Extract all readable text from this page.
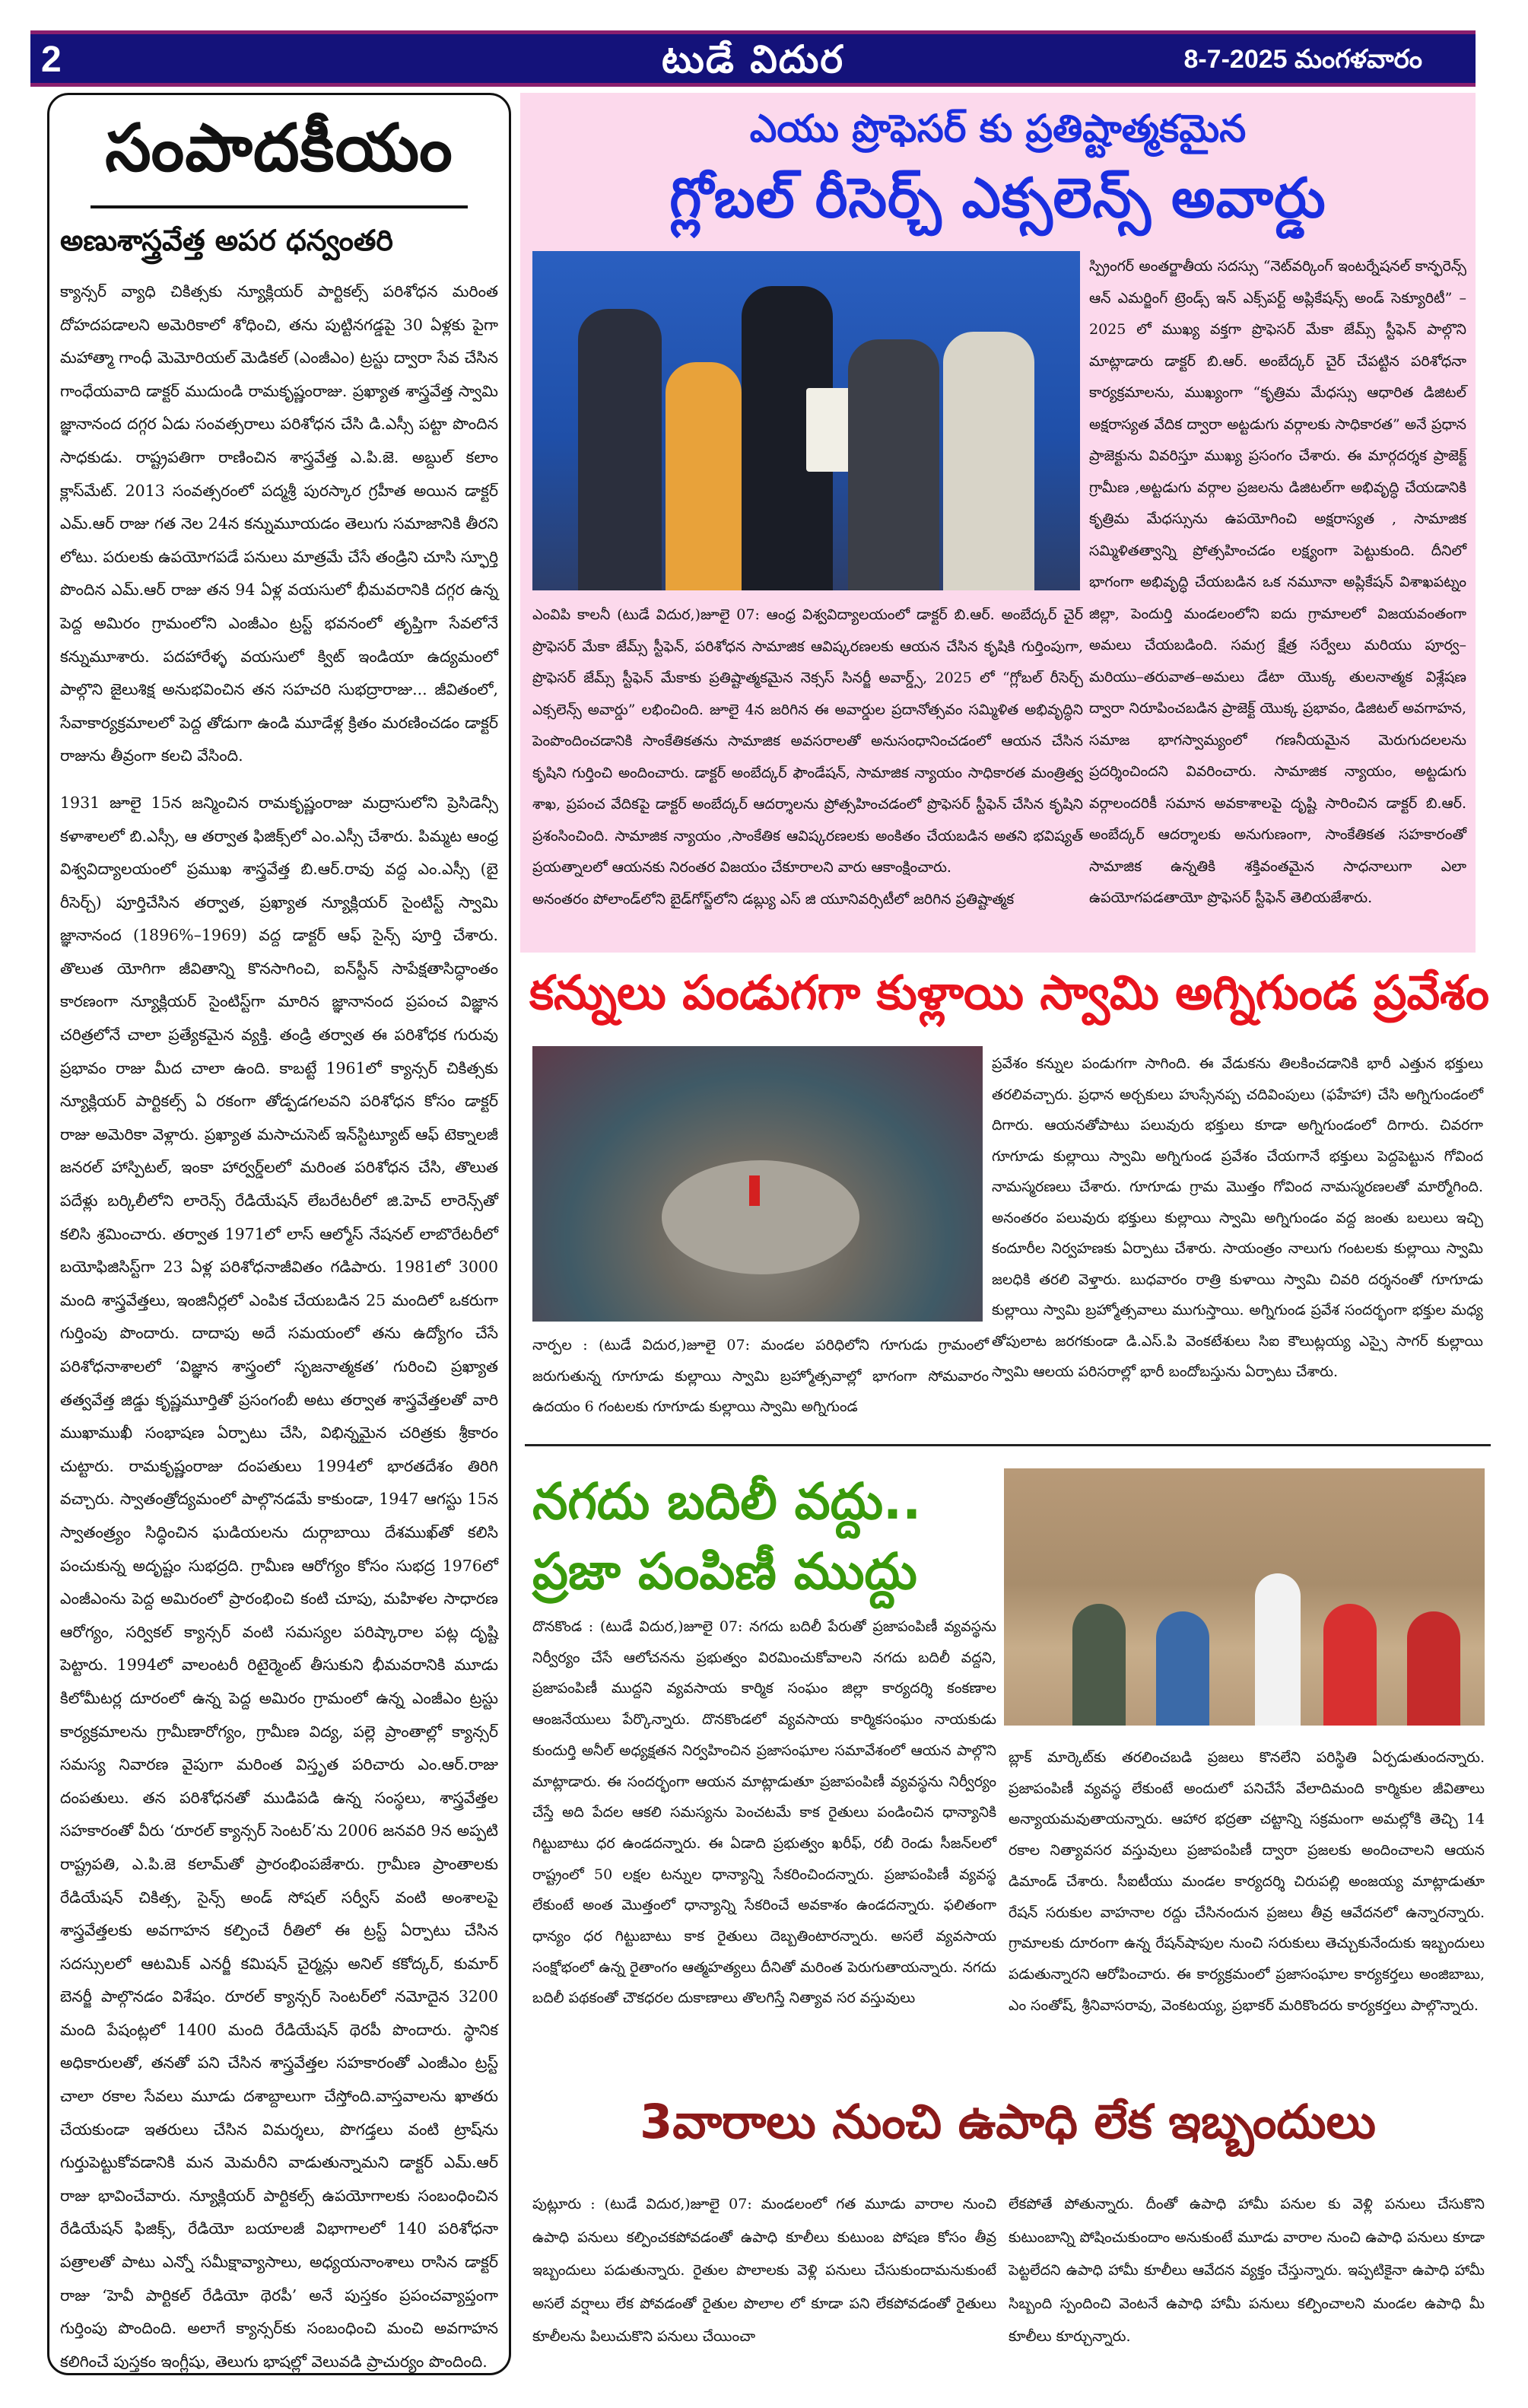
2	టుడే విదుర	8-7-2025 మంగళవారం
సంపాదకీయం
అణుశాస్త్రవేత్త అపర ధన్వంతరి

క్యాన్సర్ వ్యాధి చికిత్సకు న్యూక్లియర్ పార్టికల్స్ పరిశోధన మరింత దోహదపడాలని అమెరికాలో శోధించి, తను పుట్టినగడ్డపై 30 ఏళ్లకు పైగా మహాత్మా గాంధీ మెమోరియల్ మెడికల్ (ఎంజీఎం) ట్రస్టు ద్వారా సేవ చేసిన గాంధేయవాది డాక్టర్ ముదుండి రామకృష్ణంరాజు. ప్రఖ్యాత శాస్త్రవేత్త స్వామి జ్ఞానానంద దగ్గర ఏడు సంవత్సరాలు పరిశోధన చేసి డి.ఎస్సీ పట్టా పొందిన సాధకుడు. రాష్ట్రపతిగా రాణించిన శాస్త్రవేత్త ఎ.పి.జె. అబ్దుల్ కలాం క్లాస్‌మేట్. 2013 సంవత్సరంలో పద్మశ్రీ పురస్కార గ్రహీత అయిన డాక్టర్ ఎమ్.ఆర్ రాజు గత నెల 24న కన్నుమూయడం తెలుగు సమాజానికి తీరని లోటు. పరులకు ఉపయోగపడే పనులు మాత్రమే చేసే తండ్రిని చూసి స్ఫూర్తి పొందిన ఎమ్.ఆర్ రాజు తన 94 ఏళ్ల వయసులో భీమవరానికి దగ్గర ఉన్న పెద్ద అమిరం గ్రామంలోని ఎంజీఎం ట్రస్ట్ భవనంలో తృప్తిగా సేవలోనే కన్నుమూశారు. పదహారేళ్ళ వయసులో క్విట్ ఇండియా ఉద్యమంలో పాల్గొని జైలుశిక్ష అనుభవించిన తన సహచరి సుభద్రారాజు... జీవితంలో, సేవాకార్యక్రమాలలో పెద్ద తోడుగా ఉండి మూడేళ్ల క్రితం మరణించడం డాక్టర్ రాజును తీవ్రంగా కలచి వేసింది.

1931 జూలై 15న జన్మించిన రామకృష్ణంరాజు మద్రాసులోని ప్రెసిడెన్సీ కళాశాలలో బి.ఎస్సీ, ఆ తర్వాత ఫిజిక్స్‌లో ఎం.ఎస్సీ చేశారు. పిమ్మట ఆంధ్ర విశ్వవిద్యాలయంలో ప్రముఖ శాస్త్రవేత్త బి.ఆర్.రావు వద్ద ఎం.ఎస్సీ (బై రీసెర్చ్) పూర్తిచేసిన తర్వాత, ప్రఖ్యాత న్యూక్లియర్ సైంటిస్ట్ స్వామి జ్ఞానానంద (1896%–1969) వద్ద డాక్టర్ ఆఫ్ సైన్స్ పూర్తి చేశారు. తొలుత యోగిగా జీవితాన్ని కొనసాగించి, ఐన్‌స్టీన్ సాపేక్షతాసిద్ధాంతం కారణంగా న్యూక్లియర్ సైంటిస్ట్‌గా మారిన జ్ఞానానంద ప్రపంచ విజ్ఞాన చరిత్రలోనే చాలా ప్రత్యేకమైన వ్యక్తి. తండ్రి తర్వాత ఈ పరిశోధక గురువు ప్రభావం రాజు మీద చాలా ఉంది. కాబట్టే 1961లో క్యాన్సర్ చికిత్సకు న్యూక్లియర్ పార్టికల్స్ ఏ రకంగా తోడ్పడగలవని పరిశోధన కోసం డాక్టర్ రాజు అమెరికా వెళ్లారు. ప్రఖ్యాత మసాచుసెట్ ఇన్‌స్టిట్యూట్ ఆఫ్ టెక్నాలజీ జనరల్ హాస్పిటల్, ఇంకా హార్వర్డ్‌లలో మరింత పరిశోధన చేసి, తొలుత పదేళ్లు బర్కిలీలోని లారెన్స్ రేడియేషన్ లేబరేటరీలో జి.హెచ్ లారెన్స్‌తో కలిసి శ్రమించారు. తర్వాత 1971లో లాస్ ఆల్మోస్ నేషనల్ లాబొరేటరీలో బయోఫిజిసిస్ట్‌గా 23 ఏళ్ల పరిశోధనాజీవితం గడిపారు. 1981లో 3000 మంది శాస్త్రవేత్తలు, ఇంజినీర్లలో ఎంపిక చేయబడిన 25 మందిలో ఒకరుగా గుర్తింపు పొందారు. దాదాపు అదే సమయంలో తను ఉద్యోగం చేసే పరిశోధనాశాలలో ‘విజ్ఞాన శాస్త్రంలో సృజనాత్మకత’ గురించి ప్రఖ్యాత తత్వవేత్త జిడ్డు కృష్ణమూర్తితో ప్రసంగంబీ అటు తర్వాత శాస్త్రవేత్తలతో వారి ముఖాముఖీ సంభాషణ ఏర్పాటు చేసి, విభిన్నమైన చరిత్రకు శ్రీకారం చుట్టారు. రామకృష్ణంరాజు దంపతులు 1994లో భారతదేశం తిరిగి వచ్చారు. స్వాతంత్రోద్యమంలో పాల్గొనడమే కాకుండా, 1947 ఆగస్టు 15న స్వాతంత్ర్యం సిద్ధించిన ఘడియలను దుర్గాబాయి దేశముఖ్‌తో కలిసి పంచుకున్న అదృష్టం సుభద్రది. గ్రామీణ ఆరోగ్యం కోసం సుభద్ర 1976లో ఎంజీఎంను పెద్ద అమిరంలో ప్రారంభించి కంటి చూపు, మహిళల సాధారణ ఆరోగ్యం, సర్వికల్ క్యాన్సర్ వంటి సమస్యల పరిష్కారాల పట్ల దృష్టి పెట్టారు. 1994లో వాలంటరీ రిటైర్మెంట్ తీసుకుని భీమవరానికి మూడు కిలోమీటర్ల దూరంలో ఉన్న పెద్ద అమిరం గ్రామంలో ఉన్న ఎంజీఎం ట్రస్టు కార్యక్రమాలను గ్రామీణారోగ్యం, గ్రామీణ విద్య, పల్లె ప్రాంతాల్లో క్యాన్సర్ సమస్య నివారణ వైపుగా మరింత విస్తృత పరిచారు ఎం.ఆర్.రాజు దంపతులు. తన పరిశోధనతో ముడిపడి ఉన్న సంస్థలు, శాస్త్రవేత్తల సహకారంతో వీరు ‘రూరల్ క్యాన్సర్ సెంటర్’ను 2006 జనవరి 9న అప్పటి రాష్ట్రపతి, ఎ.పి.జె కలామ్‌తో ప్రారంభింపజేశారు. గ్రామీణ ప్రాంతాలకు రేడియేషన్ చికిత్స, సైన్స్ అండ్ సోషల్ సర్వీస్ వంటి అంశాలపై శాస్త్రవేత్తలకు అవగాహన కల్పించే రీతిలో ఈ ట్రస్ట్ ఏర్పాటు చేసిన సదస్సులలో ఆటమిక్ ఎనర్జీ కమిషన్ చైర్మన్లు అనిల్ కకోద్కర్, కుమార్ బెనర్జీ పాల్గొనడం విశేషం. రూరల్ క్యాన్సర్ సెంటర్‌లో నమోదైన 3200 మంది పేషంట్లలో 1400 మంది రేడియేషన్ థెరపీ పొందారు. స్థానిక అధికారులతో, తనతో పని చేసిన శాస్త్రవేత్తల సహకారంతో ఎంజీఎం ట్రస్ట్ చాలా రకాల సేవలు మూడు దశాబ్దాలుగా చేస్తోంది.వాస్తవాలను ఖాతరు చేయకుండా ఇతరులు చేసిన విమర్శలు, పొగడ్తలు వంటి ట్రాష్‌ను గుర్తుపెట్టుకోవడానికి మన మెమరీని వాడుతున్నామని డాక్టర్ ఎమ్.ఆర్ రాజు భావించేవారు. న్యూక్లియర్ పార్టికల్స్ ఉపయోగాలకు సంబంధించిన రేడియేషన్ ఫిజిక్స్, రేడియో బయాలజీ విభాగాలలో 140 పరిశోధనా పత్రాలతో పాటు ఎన్నో సమీక్షావ్యాసాలు, అధ్యయనాంశాలు రాసిన డాక్టర్ రాజు ‘హెవీ పార్టికల్ రేడియో థెరపీ’ అనే పుస్తకం ప్రపంచవ్యాప్తంగా గుర్తింపు పొందింది. అలాగే క్యాన్సర్‌కు సంబంధించి మంచి అవగాహన కలిగించే పుస్తకం ఇంగ్లీషు, తెలుగు భాషల్లో వెలువడి ప్రాచుర్యం పొందింది.

ఎయు ప్రొఫెసర్ కు ప్రతిష్టాత్మకమైన
గ్లోబల్ రీసెర్చ్ ఎక్సలెన్స్ అవార్డు

స్ప్రింగర్ అంతర్జాతీయ సదస్సు “నెట్‌వర్కింగ్ ఇంటర్నేషనల్ కాన్ఫరెన్స్ ఆన్ ఎమర్జింగ్ ట్రెండ్స్ ఇన్ ఎక్స్‌పర్ట్ అప్లికేషన్స్ అండ్ సెక్యూరిటీ” –2025 లో ముఖ్య వక్తగా ప్రొఫెసర్ మేకా జేమ్స్ స్టీఫెన్ పాల్గొని మాట్లాడారు డాక్టర్ బి.ఆర్. అంబేద్కర్ చైర్ చేపట్టిన పరిశోధనా కార్యక్రమాలను, ముఖ్యంగా “కృత్రిమ మేధస్సు ఆధారిత డిజిటల్ అక్షరాస్యత వేదిక ద్వారా అట్టడుగు వర్గాలకు సాధికారత” అనే ప్రధాన ప్రాజెక్టును వివరిస్తూ ముఖ్య ప్రసంగం చేశారు. ఈ మార్గదర్శక ప్రాజెక్ట్ గ్రామీణ ,అట్టడుగు వర్గాల ప్రజలను డిజిటల్‌గా అభివృద్ధి చేయడానికి కృత్రిమ మేధస్సును ఉపయోగించి అక్షరాస్యత , సామాజిక సమ్మిళితత్వాన్ని ప్రోత్సహించడం లక్ష్యంగా పెట్టుకుంది. దీనిలో భాగంగా అభివృద్ధి చేయబడిన ఒక నమూనా అప్లికేషన్ విశాఖపట్నం జిల్లా, పెందుర్తి మండలంలోని ఐదు గ్రామాలలో విజయవంతంగా అమలు చేయబడింది. సమగ్ర క్షేత్ర సర్వేలు మరియు పూర్వ–మరియు–తరువాత–అమలు డేటా యొక్క తులనాత్మక విశ్లేషణ ద్వారా నిరూపించబడిన ప్రాజెక్ట్ యొక్క ప్రభావం, డిజిటల్ అవగాహన, సమాజ భాగస్వామ్యంలో గణనీయమైన మెరుగుదలలను ప్రదర్శించిందని వివరించారు. సామాజిక న్యాయం, అట్టడుగు వర్గాలందరికీ సమాన అవకాశాలపై దృష్టి సారించిన డాక్టర్ బి.ఆర్. అంబేద్కర్ ఆదర్శాలకు అనుగుణంగా, సాంకేతికత సహకారంతో సామాజిక ఉన్నతికి శక్తివంతమైన సాధనాలుగా ఎలా ఉపయోగపడతాయో ప్రొఫెసర్ స్టీఫెన్ తెలియజేశారు.

ఎంవిపి కాలనీ (టుడే విదుర,)జూలై 07: ఆంధ్ర విశ్వవిద్యాలయంలో డాక్టర్ బి.ఆర్. అంబేద్కర్ చైర్ ప్రొఫెసర్ మేకా జేమ్స్ స్టీఫెన్, పరిశోధన సామాజిక ఆవిష్కరణలకు ఆయన చేసిన కృషికి గుర్తింపుగా, ప్రొఫెసర్ జేమ్స్ స్టీఫెన్ మేకాకు ప్రతిష్టాత్మకమైన నెక్సస్ సినర్జీ అవార్డ్స్, 2025 లో “గ్లోబల్ రీసెర్చ్ ఎక్సలెన్స్ అవార్డు” లభించింది. జూలై 4న జరిగిన ఈ అవార్డుల ప్రదానోత్సవం సమ్మిళిత అభివృద్ధిని పెంపొందించడానికి సాంకేతికతను సామాజిక అవసరాలతో అనుసంధానించడంలో ఆయన చేసిన కృషిని గుర్తించి అందించారు. డాక్టర్ అంబేద్కర్ ఫౌండేషన్, సామాజిక న్యాయం సాధికారత మంత్రిత్వ శాఖ, ప్రపంచ వేదికపై డాక్టర్ అంబేద్కర్ ఆదర్శాలను ప్రోత్సహించడంలో ప్రొఫెసర్ స్టీఫెన్ చేసిన కృషిని ప్రశంసించింది. సామాజిక న్యాయం ,సాంకేతిక ఆవిష్కరణలకు అంకితం చేయబడిన అతని భవిష్యత్ ప్రయత్నాలలో ఆయనకు నిరంతర విజయం చేకూరాలని వారు ఆకాంక్షించారు.

అనంతరం పోలాండ్‌లోని బైడ్‌గోస్జ్‌లోని డబ్ల్యు ఎస్ జి యూనివర్సిటీలో జరిగిన ప్రతిష్టాత్మక

కన్నులు పండుగగా కుళ్లాయి స్వామి అగ్నిగుండ ప్రవేశం

నార్పల : (టుడే విదుర,)జూలై 07: మండల పరిధిలోని గూగుడు గ్రామంలో జరుగుతున్న గూగూడు కుల్లాయి స్వామి బ్రహ్మోత్సవాల్లో భాగంగా సోమవారం ఉదయం 6 గంటలకు గూగూడు కుల్లాయి స్వామి అగ్నిగుండ

ప్రవేశం కన్నుల పండుగగా సాగింది. ఈ వేడుకను తిలకించడానికి భారీ ఎత్తున భక్తులు తరలివచ్చారు. ప్రధాన అర్చకులు హుస్సేనప్ప చదివింపులు (ఫహేహా) చేసి అగ్నిగుండంలో దిగారు. ఆయనతోపాటు పలువురు భక్తులు కూడా అగ్నిగుండంలో దిగారు. చివరగా గూగూడు కుల్లాయి స్వామి అగ్నిగుండ ప్రవేశం చేయగానే భక్తులు పెద్దపెట్టున గోవింద నామస్మరణలు చేశారు. గూగూడు గ్రామ మొత్తం గోవింద నామస్మరణలతో మార్మోగింది. అనంతరం పలువురు భక్తులు కుల్లాయి స్వామి అగ్నిగుండం వద్ద జంతు బలులు ఇచ్చి కందూరీల నిర్వహణకు ఏర్పాటు చేశారు. సాయంత్రం నాలుగు గంటలకు కుల్లాయి స్వామి జలధికి తరలి వెళ్తారు. బుధవారం రాత్రి కుళాయి స్వామి చివరి దర్శనంతో గూగూడు కుల్లాయి స్వామి బ్రహ్మోత్సవాలు ముగుస్తాయి. అగ్నిగుండ ప్రవేశ సందర్భంగా భక్తుల మధ్య తోపులాట జరగకుండా డి.ఎస్.పి వెంకటేశులు సిఐ కౌలుట్లయ్య ఎస్సై సాగర్ కుల్లాయి స్వామి ఆలయ పరిసరాల్లో భారీ బందోబస్తును ఏర్పాటు చేశారు.

నగదు బదిలీ వద్దు..
ప్రజా పంపిణీ ముద్దు

దొనకొండ : (టుడే విదుర,)జూలై 07: నగదు బదిలీ పేరుతో ప్రజాపంపిణీ వ్యవస్థను నిర్వీర్యం చేసే ఆలోచనను ప్రభుత్వం విరమించుకోవాలని నగదు బదిలీ వద్దని, ప్రజాపంపిణీ ముద్దని వ్యవసాయ కార్మిక సంఘం జిల్లా కార్యదర్శి కంకణాల ఆంజనేయులు పేర్కొన్నారు. దొనకొండలో వ్యవసాయ కార్మికసంఘం నాయకుడు కుందుర్తి అనీల్ అధ్యక్షతన నిర్వహించిన ప్రజాసంఘాల సమావేశంలో ఆయన పాల్గొని మాట్లాడారు. ఈ సందర్భంగా ఆయన మాట్లాడుతూ ప్రజాపంపిణీ వ్యవస్థను నిర్వీర్యం చేస్తే అది పేదల ఆకలి సమస్యను పెంచటమే కాక రైతులు పండించిన ధాన్యానికి గిట్టుబాటు ధర ఉండదన్నారు. ఈ ఏడాది ప్రభుత్వం ఖరీఫ్, రబీ రెండు సీజన్‌లలో రాష్ట్రంలో 50 లక్షల టన్నుల ధాన్యాన్ని సేకరించిందన్నారు. ప్రజాపంపిణీ వ్యవస్థ లేకుంటే అంత మొత్తంలో ధాన్యాన్ని సేకరించే అవకాశం ఉండదన్నారు. ఫలితంగా ధాన్యం ధర గిట్టుబాటు కాక రైతులు దెబ్బతింటారన్నారు. అసలే వ్యవసాయ సంక్షోభంలో ఉన్న రైతాంగం ఆత్మహత్యలు దీనితో మరింత పెరుగుతాయన్నారు. నగదు బదిలీ పథకంతో చౌకధరల దుకాణాలు తొలగిస్తే నిత్యావ సర వస్తువులు

బ్లాక్ మార్కెట్‌కు తరలించబడి ప్రజలు కొనలేని పరిస్థితి ఏర్పడుతుందన్నారు. ప్రజాపంపిణీ వ్యవస్థ లేకుంటే అందులో పనిచేసే వేలాదిమంది కార్మికుల జీవితాలు అన్యాయమవుతాయన్నారు. ఆహార భద్రతా చట్టాన్ని సక్రమంగా అమల్లోకి తెచ్చి 14 రకాల నిత్యావసర వస్తువులు ప్రజాపంపిణీ ద్వారా ప్రజలకు అందించాలని ఆయన డిమాండ్ చేశారు. సీఐటీయు మండల కార్యదర్శి చిరుపల్లి అంజయ్య మాట్లాడుతూ రేషన్ సరుకుల వాహనాల రద్దు చేసినందున ప్రజలు తీవ్ర ఆవేదనలో ఉన్నారన్నారు. గ్రామాలకు దూరంగా ఉన్న రేషన్‌షాపుల నుంచి సరుకులు తెచ్చుకునేందుకు ఇబ్బందులు పడుతున్నారని ఆరోపించారు. ఈ కార్యక్రమంలో ప్రజాసంఘాల కార్యకర్తలు అంజిబాబు, ఎం సంతోష్, శ్రీనివాసరావు, వెంకటయ్య, ప్రభాకర్ మరికొందరు కార్యకర్తలు పాల్గొన్నారు.

3వారాలు నుంచి ఉపాధి లేక ఇబ్బందులు

పుట్లూరు : (టుడే విదుర,)జూలై 07: మండలంలో గత మూడు వారాల నుంచి ఉపాధి పనులు కల్పించకపోవడంతో ఉపాధి కూలీలు కుటుంబ పోషణ కోసం తీవ్ర ఇబ్బందులు పడుతున్నారు. రైతుల పొలాలకు వెళ్లి పనులు చేసుకుందామనుకుంటే అసలే వర్షాలు లేక పోవడంతో రైతుల పొలాల లో కూడా పని లేకపోవడంతో రైతులు కూలీలను పిలుచుకొని పనులు చేయించా

లేకపోతే పోతున్నారు. దీంతో ఉపాధి హామీ పనుల కు వెళ్లి పనులు చేసుకొని కుటుంబాన్ని పోషించుకుందాం అనుకుంటే మూడు వారాల నుంచి ఉపాధి పనులు కూడా పెట్టలేదని ఉపాధి హామీ కూలీలు ఆవేదన వ్యక్తం చేస్తున్నారు. ఇప్పటికైనా ఉపాధి హామీ సిబ్బంది స్పందించి వెంటనే ఉపాధి హామీ పనులు కల్పించాలని మండల ఉపాధి మీ కూలీలు కూర్చున్నారు.
